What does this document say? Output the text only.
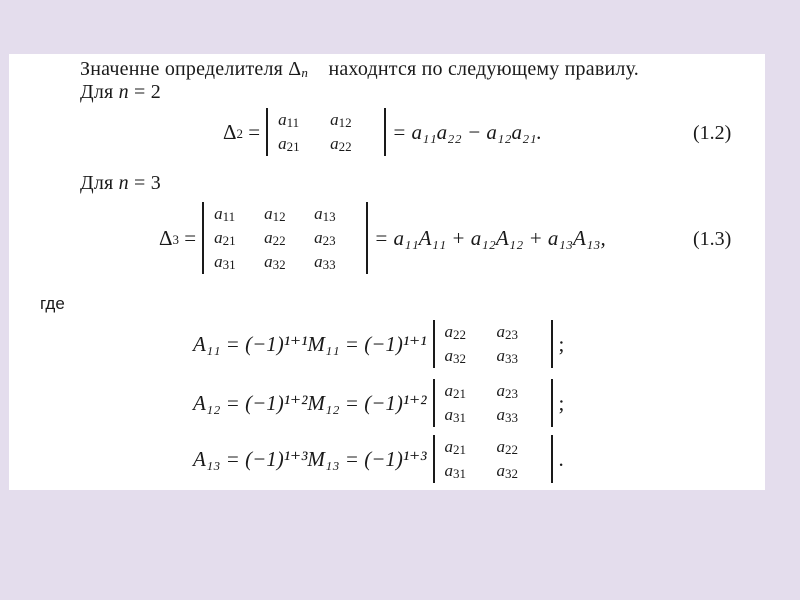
Значенне определителя $\Delta_n$ находнтся по следующему правилу.
Для n = 2
$\Delta_2 = a_{11}$	$a_{12}$
$a_{21}$	$a_{22}$
= a₁₁a₂₂ − a₁₂a₂₁.	(1.2)
Для n = 3
$\Delta_3$ =
$a_{11}$	$a_{12}$	$a_{13}$
$a_{21}$	$a_{22}$	$a_{23}$
$a_{31}$	$a_{32}$	$a_{33}$
= a₁₁A₁₁ + a₁₂A₁₂ + a₁₃A₁₃,	(1.3)
где
A₁₁ = (−1)¹⁺¹M₁₁ = (−1)¹⁺¹ $a_{22}$	$a_{23}$
$a_{32}$	$a_{33}$
;
A₁₂ = (−1)¹⁺²M₁₂ = (−1)¹⁺² $a_{21}$	$a_{23}$
$a_{31}$	$a_{33}$
;
A₁₃ = (−1)¹⁺³M₁₃ = (−1)¹⁺³ $a_{21}$	$a_{22}$
$a_{31}$	$a_{32}$
.
